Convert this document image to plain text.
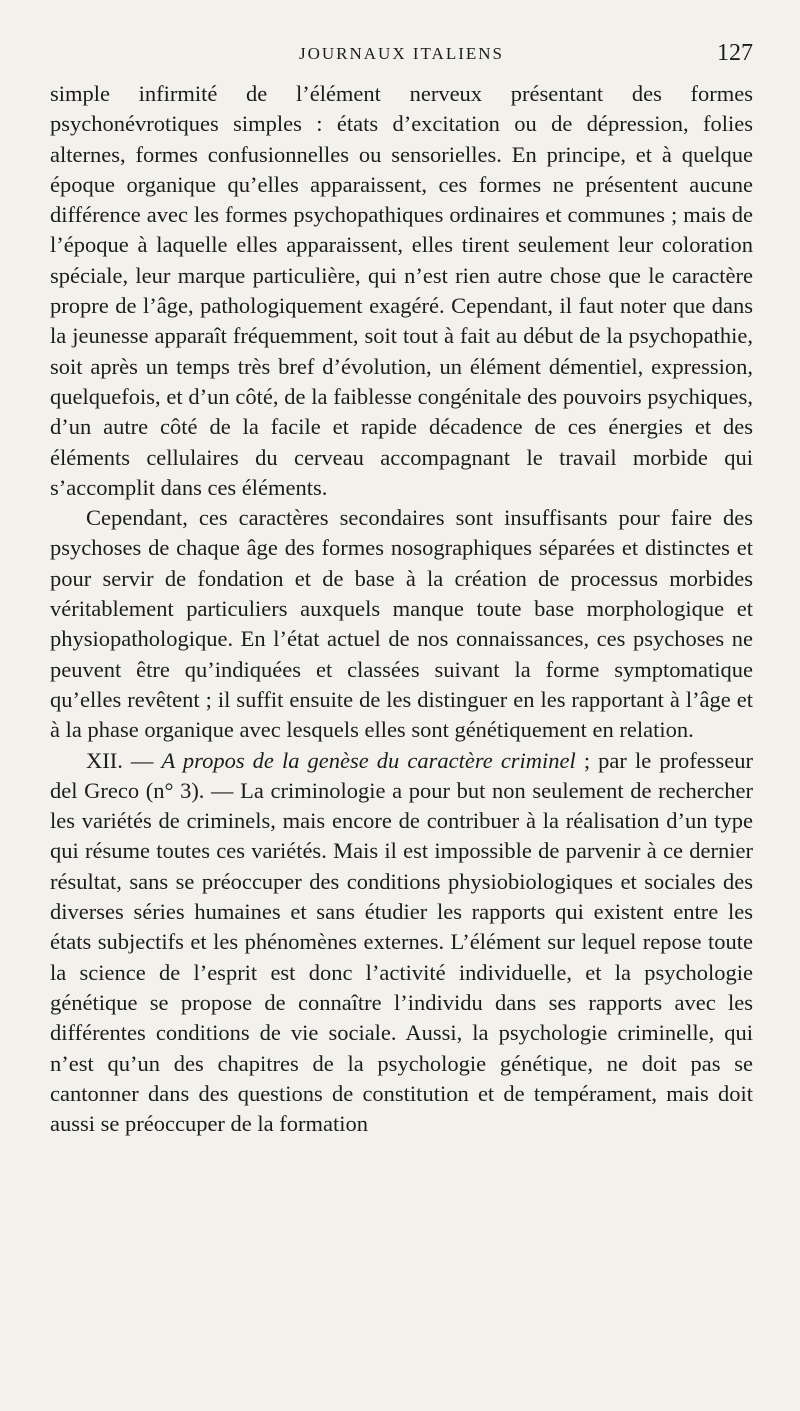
JOURNAUX ITALIENS	127

simple infirmité de l’élément nerveux présentant des formes psychonévrotiques simples : états d’excitation ou de dépression, folies alternes, formes confusionnelles ou sensorielles. En principe, et à quelque époque organique qu’elles apparaissent, ces formes ne présentent aucune différence avec les formes psychopathiques ordinaires et communes ; mais de l’époque à laquelle elles apparaissent, elles tirent seulement leur coloration spéciale, leur marque particulière, qui n’est rien autre chose que le caractère propre de l’âge, pathologiquement exagéré. Cependant, il faut noter que dans la jeunesse apparaît fréquemment, soit tout à fait au début de la psychopathie, soit après un temps très bref d’évolution, un élément démentiel, expression, quelquefois, et d’un côté, de la faiblesse congénitale des pouvoirs psychiques, d’un autre côté de la facile et rapide décadence de ces énergies et des éléments cellulaires du cerveau accompagnant le travail morbide qui s’accomplit dans ces éléments.

Cependant, ces caractères secondaires sont insuffisants pour faire des psychoses de chaque âge des formes nosographiques séparées et distinctes et pour servir de fondation et de base à la création de processus morbides véritablement particuliers auxquels manque toute base morphologique et physiopathologique. En l’état actuel de nos connaissances, ces psychoses ne peuvent être qu’indiquées et classées suivant la forme symptomatique qu’elles revêtent ; il suffit ensuite de les distinguer en les rapportant à l’âge et à la phase organique avec lesquels elles sont génétiquement en relation.

XII. — A propos de la genèse du caractère criminel ; par le professeur del Greco (n° 3). — La criminologie a pour but non seulement de rechercher les variétés de criminels, mais encore de contribuer à la réalisation d’un type qui résume toutes ces variétés. Mais il est impossible de parvenir à ce dernier résultat, sans se préoccuper des conditions physiobiologiques et sociales des diverses séries humaines et sans étudier les rapports qui existent entre les états subjectifs et les phénomènes externes. L’élément sur lequel repose toute la science de l’esprit est donc l’activité individuelle, et la psychologie génétique se propose de connaître l’individu dans ses rapports avec les différentes conditions de vie sociale. Aussi, la psychologie criminelle, qui n’est qu’un des chapitres de la psychologie génétique, ne doit pas se cantonner dans des questions de constitution et de tempérament, mais doit aussi se préoccuper de la formation
